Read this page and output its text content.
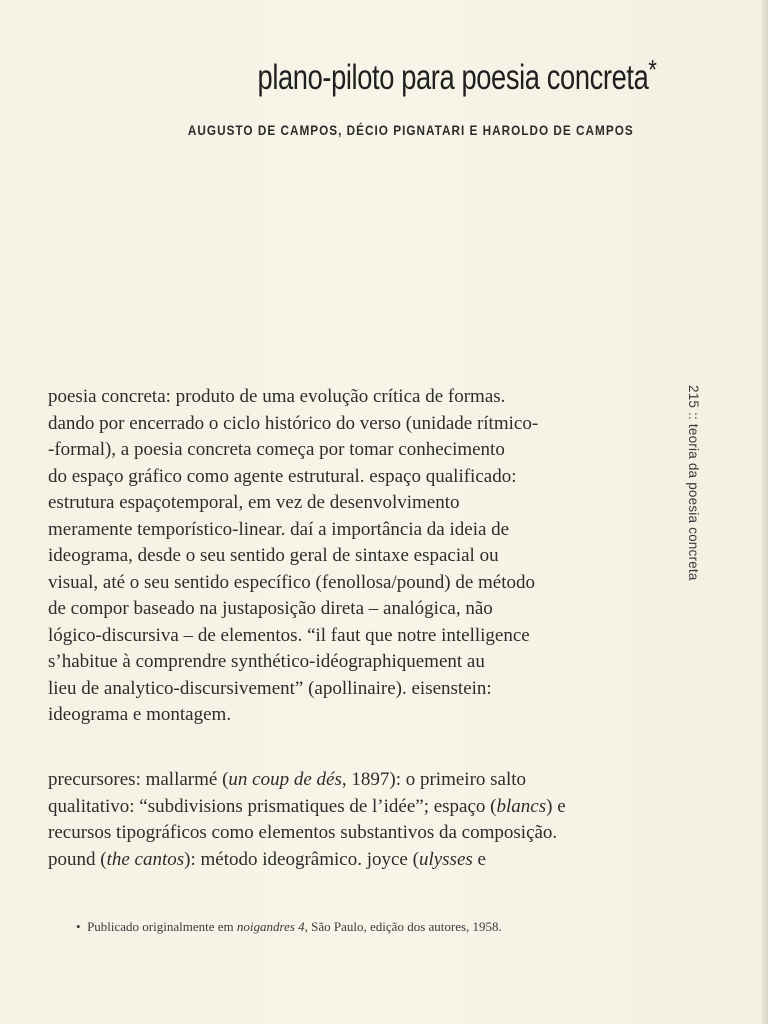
plano-piloto para poesia concreta*
AUGUSTO DE CAMPOS, DÉCIO PIGNATARI E HAROLDO DE CAMPOS
215 :: teoria da poesia concreta
poesia concreta: produto de uma evolução crítica de formas.
dando por encerrado o ciclo histórico do verso (unidade rítmico-
-formal), a poesia concreta começa por tomar conhecimento
do espaço gráfico como agente estrutural. espaço qualificado:
estrutura espaçotemporal, em vez de desenvolvimento
meramente temporístico-linear. daí a importância da ideia de
ideograma, desde o seu sentido geral de sintaxe espacial ou
visual, até o seu sentido específico (fenollosa/pound) de método
de compor baseado na justaposição direta – analógica, não
lógico-discursiva – de elementos. “il faut que notre intelligence
s’habitue à comprendre synthético-idéographiquement au
lieu de analytico-discursivement” (apollinaire). eisenstein:
ideograma e montagem.
precursores: mallarmé (un coup de dés, 1897): o primeiro salto
qualitativo: “subdivisions prismatiques de l’idée”; espaço (blancs) e
recursos tipográficos como elementos substantivos da composição.
pound (the cantos): método ideogrâmico. joyce (ulysses e
• Publicado originalmente em noigandres 4, São Paulo, edição dos autores, 1958.
